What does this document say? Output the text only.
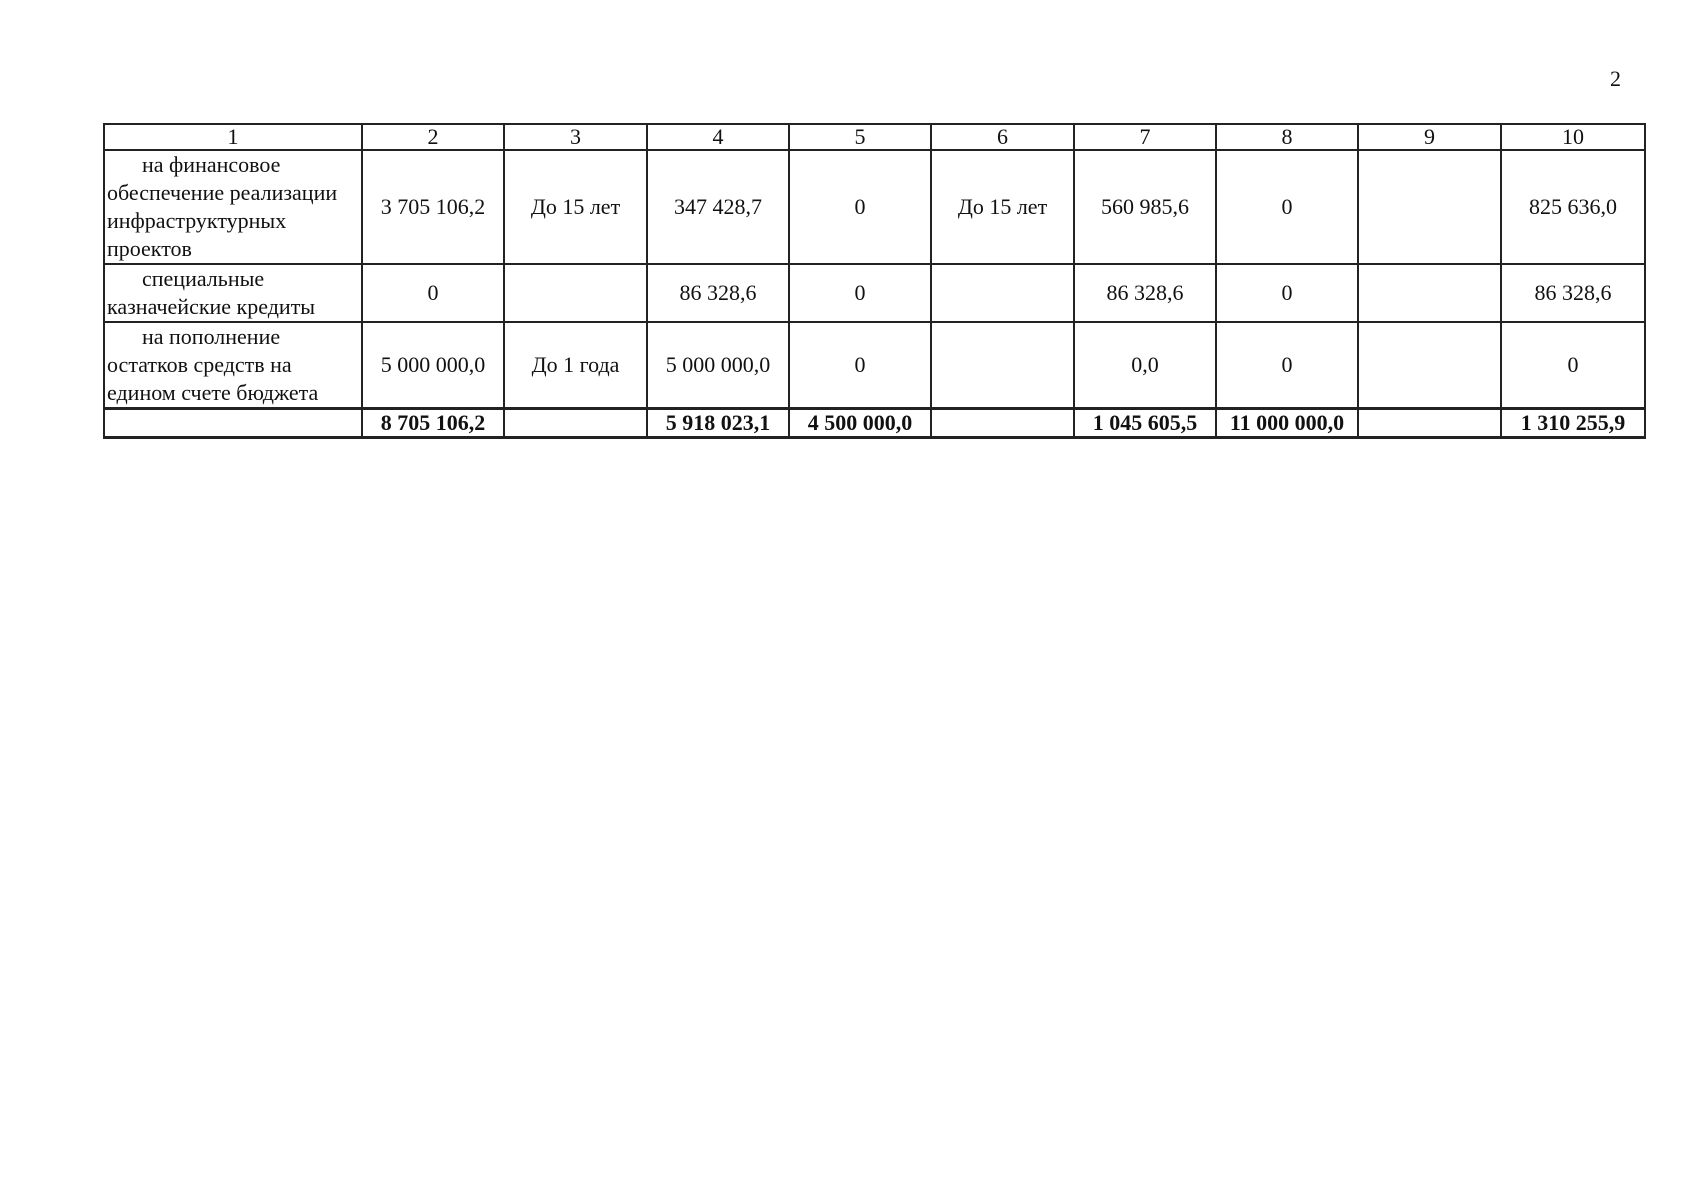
2
1	2	3	4	5	6	7	8	9	10

на финансовое
обеспечение реализации инфраструктурных проектов	3 705 106,2	До 15 лет	347 428,7	0	До 15 лет	560 985,6	0		825 636,0

специальные
казначейские кредиты	0		86 328,6	0		86 328,6	0		86 328,6

на пополнение
остатков средств на едином счете бюджета	5 000 000,0	До 1 года	5 000 000,0	0		0,0	0		0
	8 705 106,2		5 918 023,1	4 500 000,0		1 045 605,5	11 000 000,0		1 310 255,9
